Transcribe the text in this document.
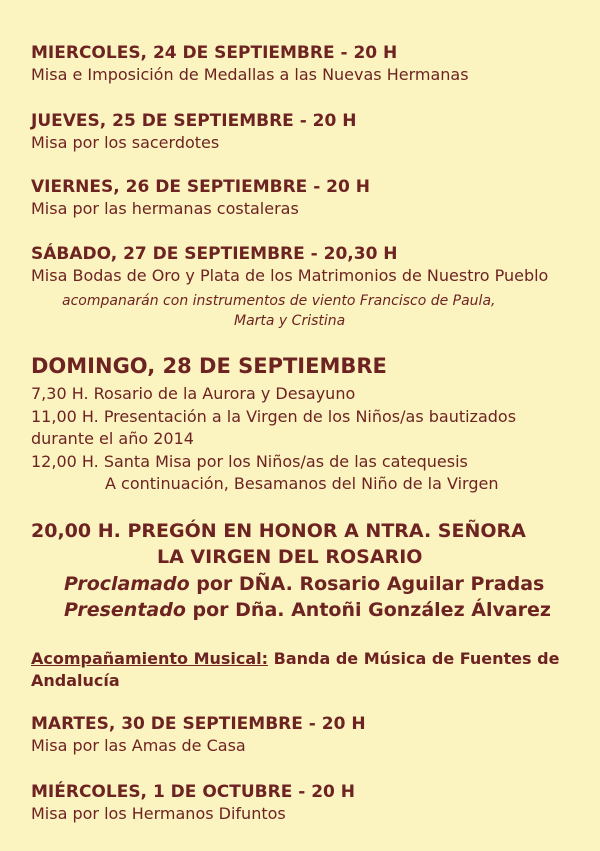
MIERCOLES, 24 DE SEPTIEMBRE - 20 H
Misa e Imposición de Medallas a las Nuevas Hermanas
JUEVES, 25 DE SEPTIEMBRE - 20 H
Misa por los sacerdotes
VIERNES, 26 DE SEPTIEMBRE - 20 H
Misa por las hermanas costaleras
SÁBADO, 27 DE SEPTIEMBRE - 20,30 H
Misa Bodas de Oro y Plata de los Matrimonios de Nuestro Pueblo
acompanarán con instrumentos de viento Francisco de Paula,
Marta y Cristina
DOMINGO, 28 DE SEPTIEMBRE
7,30 H. Rosario de la Aurora y Desayuno
11,00 H. Presentación a la Virgen de los Niños/as bautizados
durante el año 2014
12,00 H. Santa Misa por los Niños/as de las catequesis
A continuación, Besamanos del Niño de la Virgen
20,00 H. PREGÓN EN HONOR A NTRA. SEÑORA
LA VIRGEN DEL ROSARIO
Proclamado por DÑA. Rosario Aguilar Pradas
Presentado por Dña. Antoñi González Álvarez
Acompañamiento Musical: Banda de Música de Fuentes de Andalucía
MARTES, 30 DE SEPTIEMBRE - 20 H
Misa por las Amas de Casa
MIÉRCOLES, 1 DE OCTUBRE - 20 H
Misa por los Hermanos Difuntos
